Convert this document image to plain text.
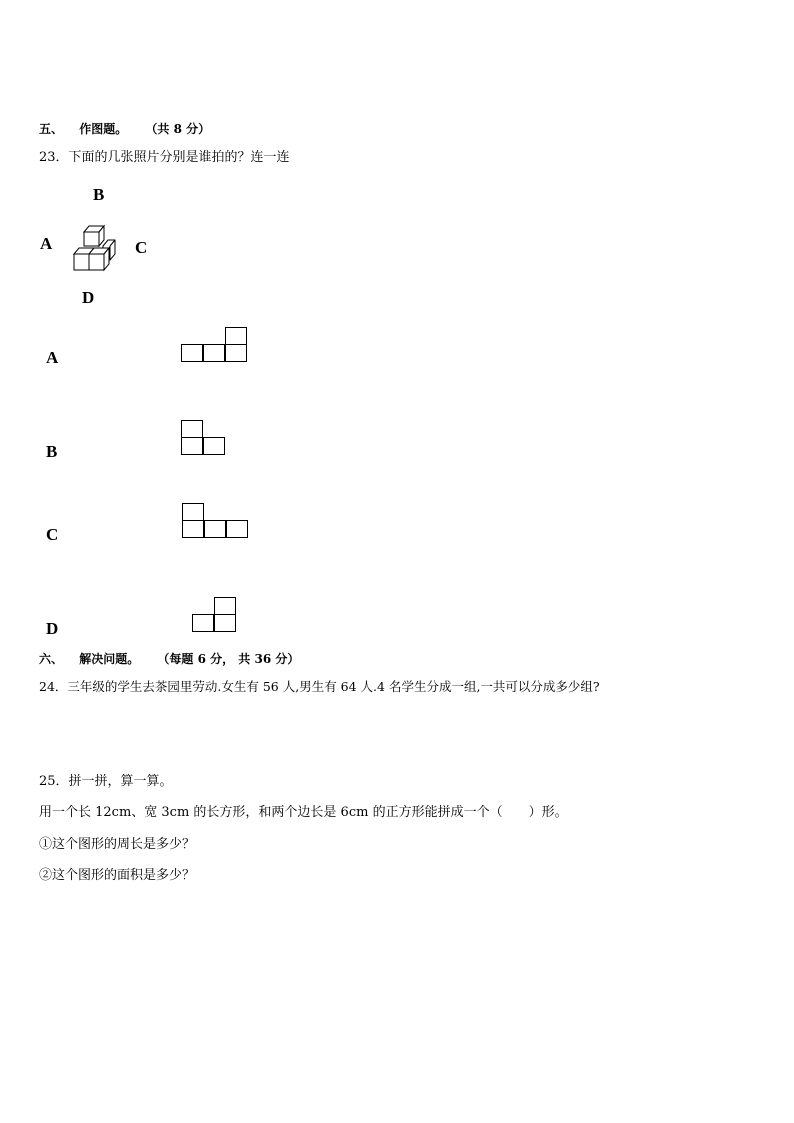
五、 作图题。 （共 8 分）
23．下面的几张照片分别是谁拍的？连一连
B
A	C
D
A
B
C
D
六、 解决问题。 （每题 6 分， 共 36 分）
24．三年级的学生去茶园里劳动.女生有 56 人,男生有 64 人.4 名学生分成一组,一共可以分成多少组?
25．拼一拼，算一算。
用一个长 12cm、宽 3cm 的长方形，和两个边长是 6cm 的正方形能拼成一个（　　）形。
①这个图形的周长是多少？
②这个图形的面积是多少？
